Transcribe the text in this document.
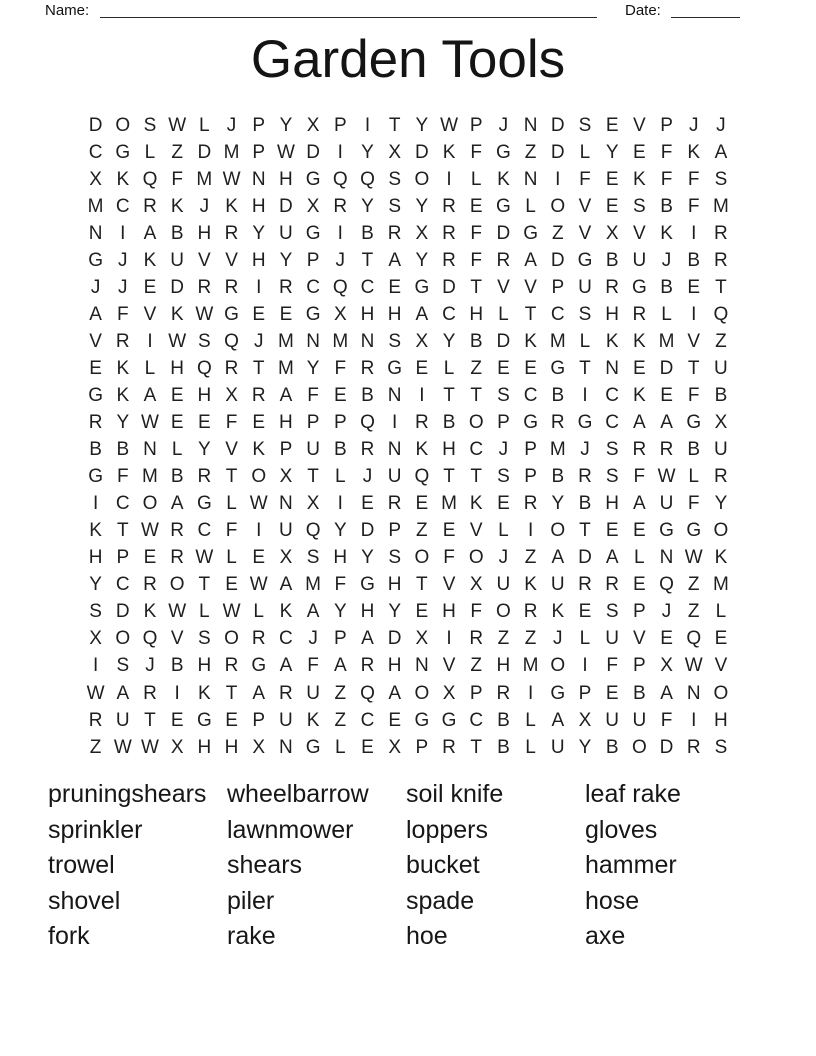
Name:	Date:
Garden Tools
D O S W L J P Y X P I T Y W P J N D S E V P J J
C G L Z D M P W D I Y X D K F G Z D L Y E F K A
X K Q F M W N H G Q Q S O I	L K N I F E K F F S
M C R K J K H D X R Y S Y R E G L O V E S B F M
N I A B H R Y U G I B R X R F D G Z V X V K I R
G J K U V V H Y P J T A Y R F R A D G B U J B R
J J E D R R I R C Q C E G D T V V P U R G B E T
A F V K W G E E G X H H A C H L T C S H R L	I Q
V R I W S Q J M N M N S X Y B D K M L K K M V Z
E K L H Q R T M Y F R G E L Z E E G T N E D T U
G K A E H X R A F E B N I T T S C B I C K E F B
R Y W E E F E H P P Q I R B O P G R G C A A G X
B B N L Y V K P U B R N K H C J P M J S R R B U
G F M B R T O X T L J U Q T T S P B R S F W L R
I C O A G L W N X I E R E M K E R Y B H A U F Y
K T W R C F I U Q Y D P Z E V L	I O T E E G G O
H P E R W L E X S H Y S O F O J Z A D A L N W K
Y C R O T E W A M F G H T V X U K U R R E Q Z M
S D K W L W L K A Y H Y E H F O R K E S P J Z L
X O Q V S O R C J P A D X I R Z Z J L U V E Q E
I S J B H R G A F A R H N V Z H M O I F P X W V
W A R I K T A R U Z Q A O X P R I G P E B A N O
R U T E G E P U K Z C E G G C B L A X U U F I H
Z W W X H H X N G L E X P R T B L U Y B O D R S
pruningshears
sprinkler
trowel
shovel
fork
wheelbarrow
lawnmower
shears
piler
rake
soil knife
loppers
bucket
spade
hoe
leaf rake
gloves
hammer
hose
axe
